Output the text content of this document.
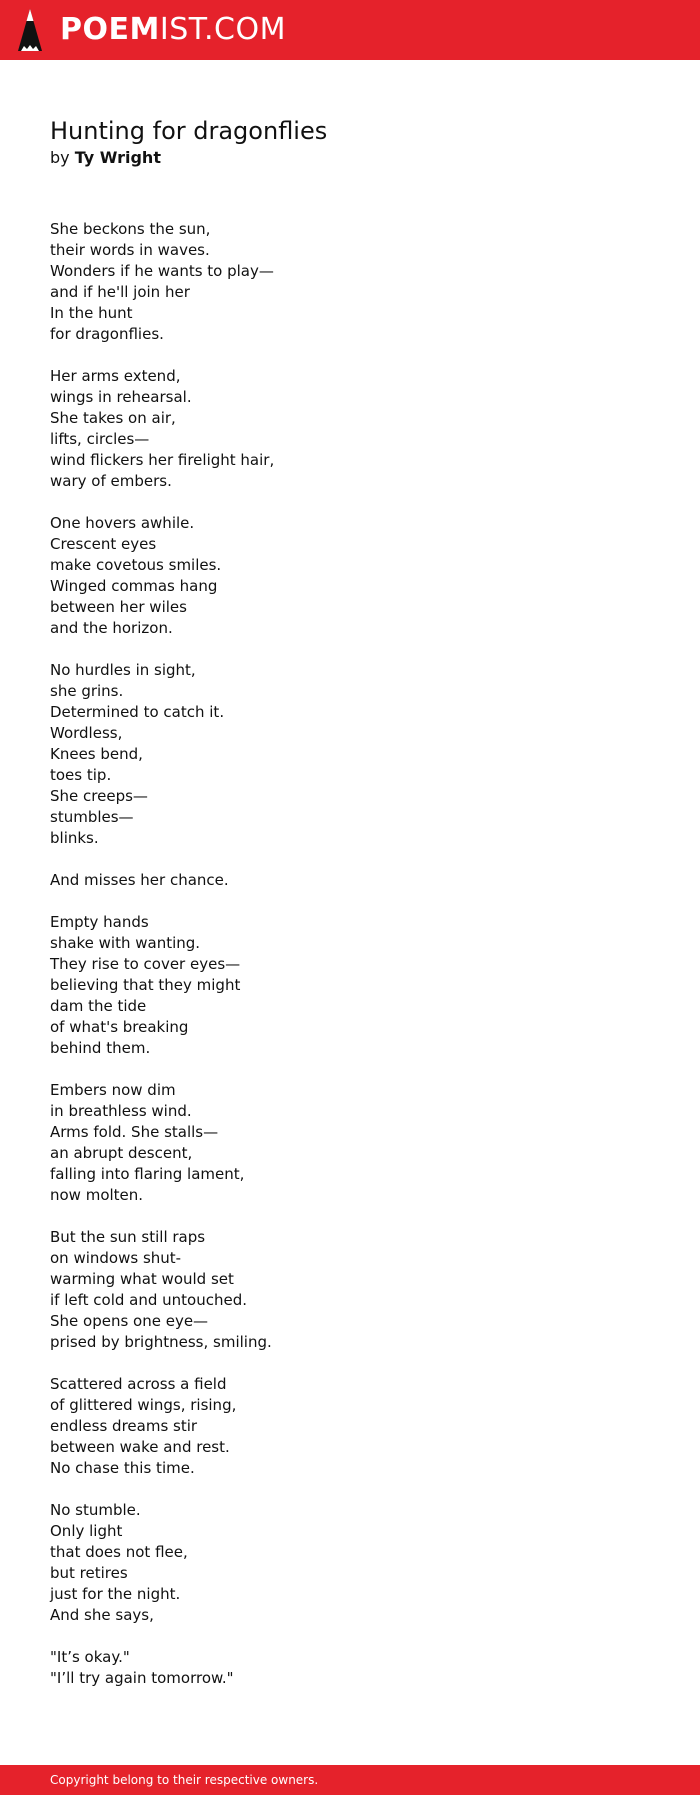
POEMIST.COM
Hunting for dragonflies
by Ty Wright
She beckons the sun,
their words in waves.
Wonders if he wants to play—
and if he'll join her
In the hunt
for dragonflies.
Her arms extend,
wings in rehearsal.
She takes on air,
lifts, circles—
wind flickers her firelight hair,
wary of embers.
One hovers awhile.
Crescent eyes
make covetous smiles.
Winged commas hang
between her wiles
and the horizon.
No hurdles in sight,
she grins.
Determined to catch it.
Wordless,
Knees bend,
toes tip.
She creeps—
stumbles—
blinks.
And misses her chance.
Empty hands
shake with wanting.
They rise to cover eyes—
believing that they might
dam the tide
of what's breaking
behind them.
Embers now dim
in breathless wind.
Arms fold. She stalls—
an abrupt descent,
falling into flaring lament,
now molten.
But the sun still raps
on windows shut-
warming what would set
if left cold and untouched.
She opens one eye—
prised by brightness, smiling.
Scattered across a field
of glittered wings, rising,
endless dreams stir
between wake and rest.
No chase this time.
No stumble.
Only light
that does not flee,
but retires
just for the night.
And she says,
"It’s okay."
"I’ll try again tomorrow."
Copyright belong to their respective owners.
